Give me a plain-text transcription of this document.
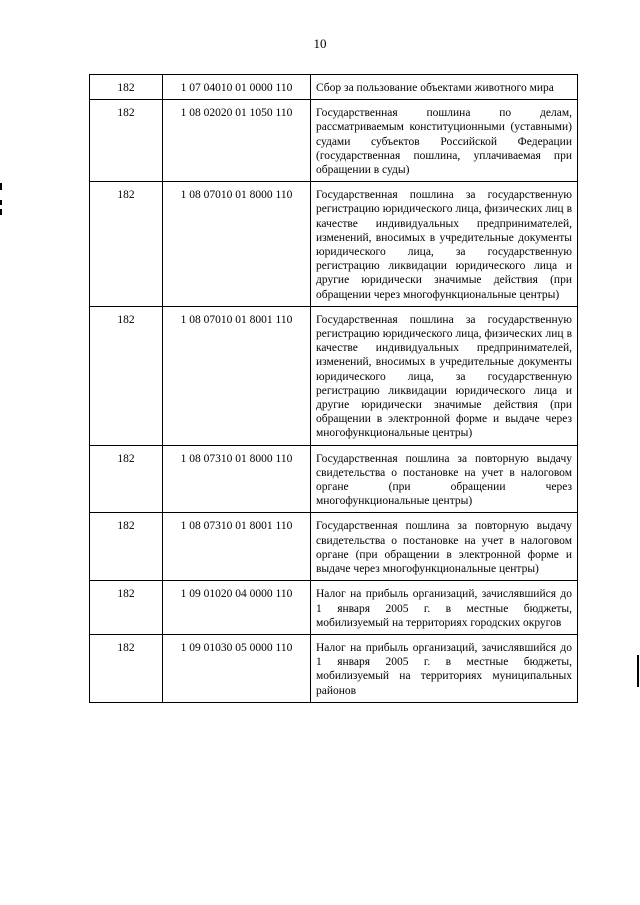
10
182	1 07 04010 01 0000 110	Сбор за пользование объектами животного мира
182	1 08 02020 01 1050 110	Государственная пошлина по делам, рассматриваемым конституционными (уставными) судами субъектов Российской Федерации (государственная пошлина, уплачиваемая при обращении в суды)
182	1 08 07010 01 8000 110	Государственная пошлина за государственную регистрацию юридического лица, физических лиц в качестве индивидуальных предпринимателей, изменений, вносимых в учредительные документы юридического лица, за государственную регистрацию ликвидации юридического лица и другие юридически значимые действия (при обращении через многофункциональные центры)
182	1 08 07010 01 8001 110	Государственная пошлина за государственную регистрацию юридического лица, физических лиц в качестве индивидуальных предпринимателей, изменений, вносимых в учредительные документы юридического лица, за государственную регистрацию ликвидации юридического лица и другие юридически значимые действия (при обращении в электронной форме и выдаче через многофункциональные центры)
182	1 08 07310 01 8000 110	Государственная пошлина за повторную выдачу свидетельства о постановке на учет в налоговом органе (при обращении через многофункциональные центры)
182	1 08 07310 01 8001 110	Государственная пошлина за повторную выдачу свидетельства о постановке на учет в налоговом органе (при обращении в электронной форме и выдаче через многофункциональные центры)
182	1 09 01020 04 0000 110	Налог на прибыль организаций, зачислявшийся до 1 января 2005 г. в местные бюджеты, мобилизуемый на территориях городских округов
182	1 09 01030 05 0000 110	Налог на прибыль организаций, зачислявшийся до 1 января 2005 г. в местные бюджеты, мобилизуемый на территориях муниципальных районов
